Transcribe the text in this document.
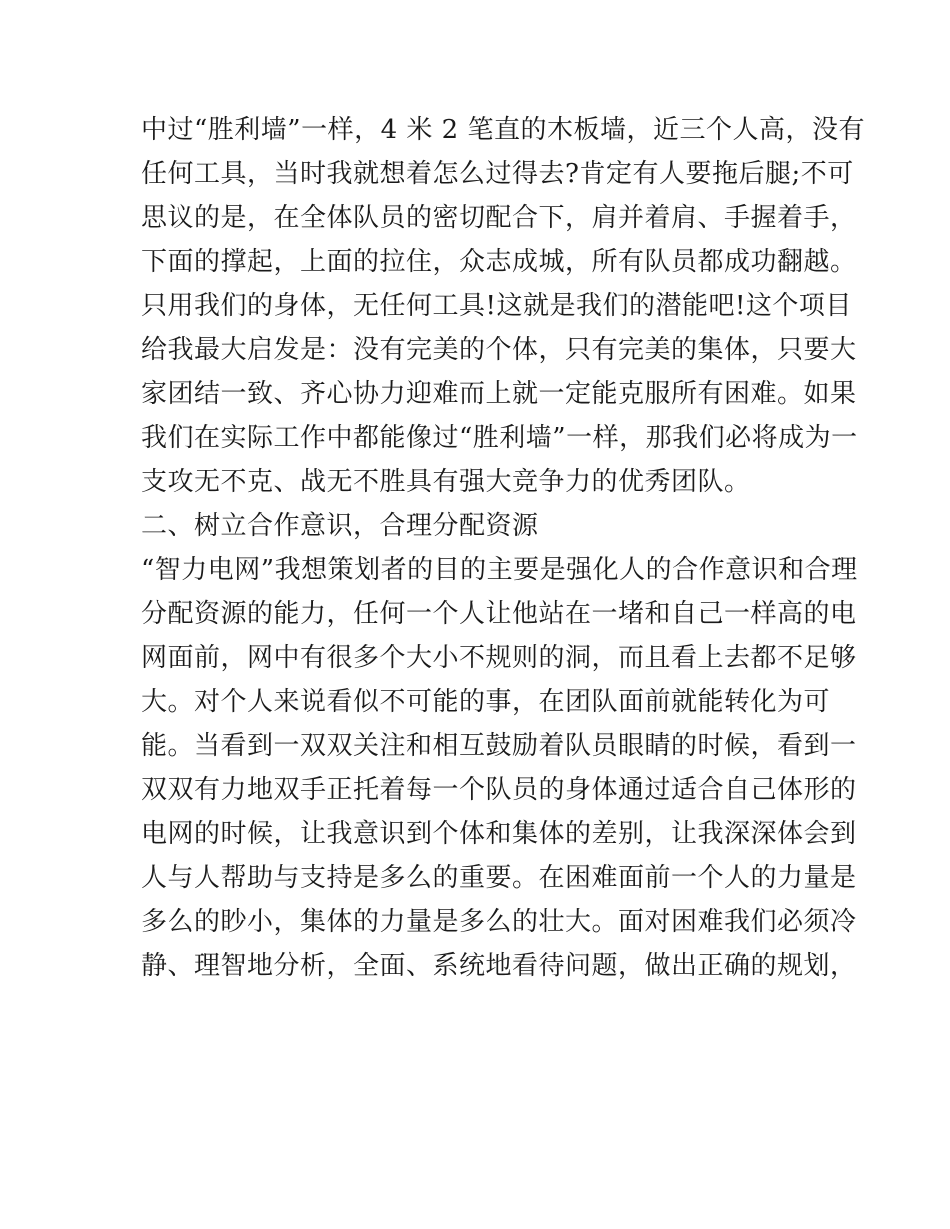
中过“胜利墙”一样，4 米 2 笔直的木板墙，近三个人高，没有

任何工具，当时我就想着怎么过得去?肯定有人要拖后腿;不可

思议的是，在全体队员的密切配合下，肩并着肩、手握着手，

下面的撑起，上面的拉住，众志成城，所有队员都成功翻越。

只用我们的身体，无任何工具!这就是我们的潜能吧!这个项目

给我最大启发是：没有完美的个体，只有完美的集体，只要大

家团结一致、齐心协力迎难而上就一定能克服所有困难。如果

我们在实际工作中都能像过“胜利墙”一样，那我们必将成为一

支攻无不克、战无不胜具有强大竞争力的优秀团队。

二、树立合作意识，合理分配资源

“智力电网”我想策划者的目的主要是强化人的合作意识和合理

分配资源的能力，任何一个人让他站在一堵和自己一样高的电

网面前，网中有很多个大小不规则的洞，而且看上去都不足够

大。对个人来说看似不可能的事，在团队面前就能转化为可

能。当看到一双双关注和相互鼓励着队员眼睛的时候，看到一

双双有力地双手正托着每一个队员的身体通过适合自己体形的

电网的时候，让我意识到个体和集体的差别，让我深深体会到

人与人帮助与支持是多么的重要。在困难面前一个人的力量是

多么的眇小，集体的力量是多么的壮大。面对困难我们必须冷

静、理智地分析，全面、系统地看待问题，做出正确的规划，
